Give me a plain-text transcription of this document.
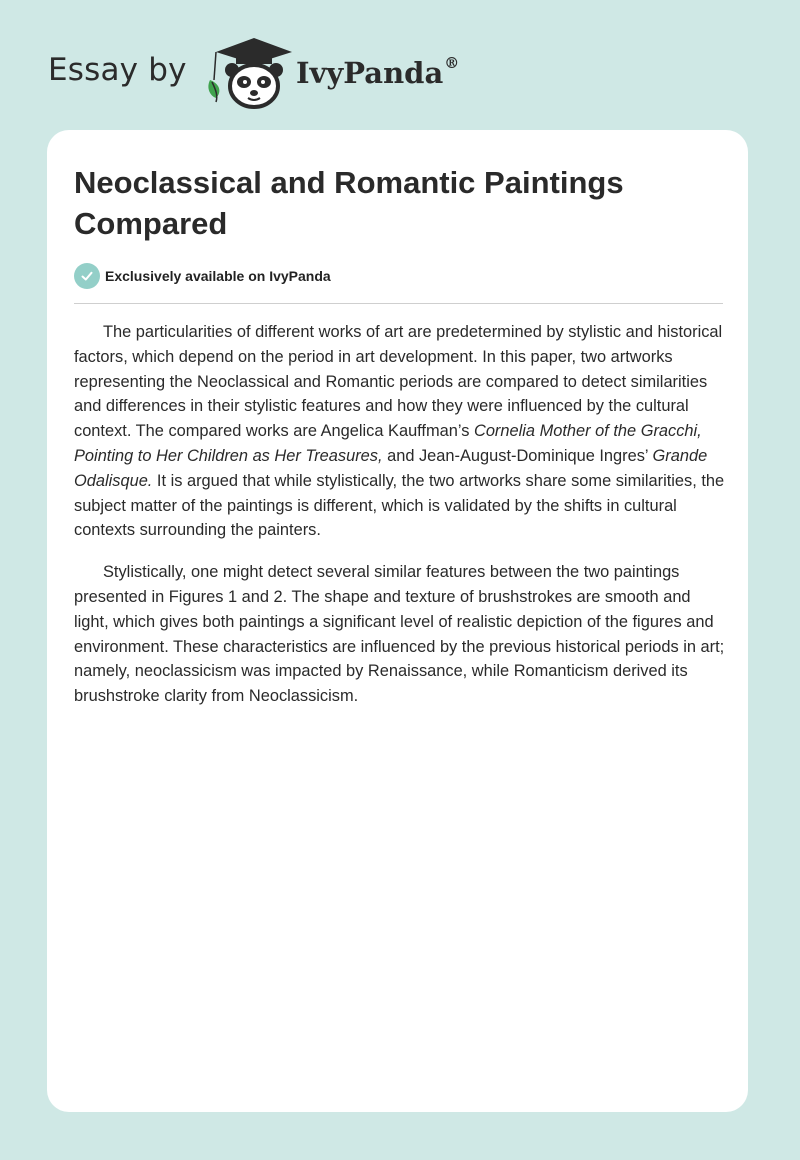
Essay by	IvyPanda®
Neoclassical and Romantic Paintings Compared
Exclusively available on IvyPanda

The particularities of different works of art are predetermined by stylistic and historical factors, which depend on the period in art development. In this paper, two artworks representing the Neoclassical and Romantic periods are compared to detect similarities and differences in their stylistic features and how they were influenced by the cultural context. The compared works are Angelica Kauffman’s Cornelia Mother of the Gracchi, Pointing to Her Children as Her Treasures, and Jean-August-Dominique Ingres’ Grande Odalisque. It is argued that while stylistically, the two artworks share some similarities, the subject matter of the paintings is different, which is validated by the shifts in cultural contexts surrounding the painters.

Stylistically, one might detect several similar features between the two paintings presented in Figures 1 and 2. The shape and texture of brushstrokes are smooth and light, which gives both paintings a significant level of realistic depiction of the figures and environment. These characteristics are influenced by the previous historical periods in art; namely, neoclassicism was impacted by Renaissance, while Romanticism derived its brushstroke clarity from Neoclassicism.
